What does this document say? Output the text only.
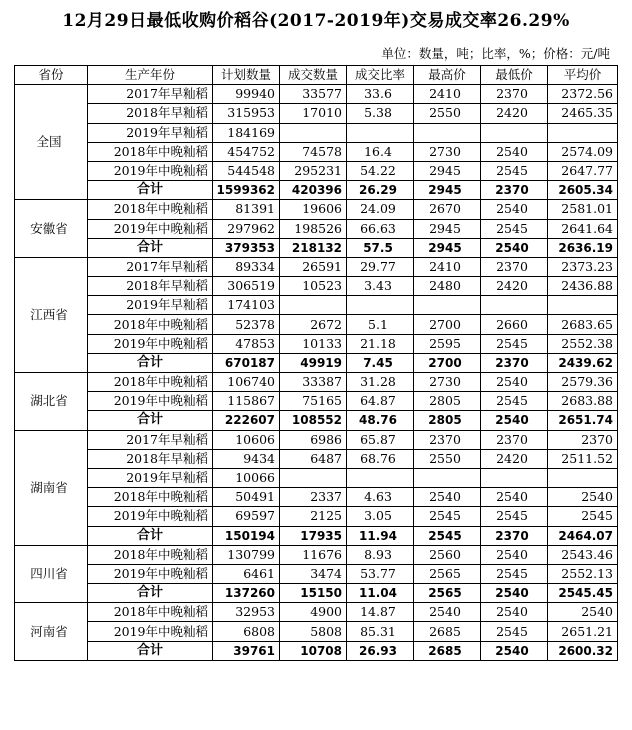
12月29日最低收购价稻谷(2017-2019年)交易成交率26.29%
单位：数量，吨；比率，%；价格：元/吨
省份	生产年份	计划数量	成交数量	成交比率	最高价	最低价	平均价
全国	2017年早籼稻	99940	33577	33.6	2410	2370	2372.56
	2018年早籼稻	315953	17010	5.38	2550	2420	2465.35
	2019年早籼稻	184169					
	2018年中晚籼稻	454752	74578	16.4	2730	2540	2574.09
	2019年中晚籼稻	544548	295231	54.22	2945	2545	2647.77
	合计	1599362	420396	26.29	2945	2370	2605.34
安徽省	2018年中晚籼稻	81391	19606	24.09	2670	2540	2581.01
	2019年中晚籼稻	297962	198526	66.63	2945	2545	2641.64
	合计	379353	218132	57.5	2945	2540	2636.19
江西省	2017年早籼稻	89334	26591	29.77	2410	2370	2373.23
	2018年早籼稻	306519	10523	3.43	2480	2420	2436.88
	2019年早籼稻	174103					
	2018年中晚籼稻	52378	2672	5.1	2700	2660	2683.65
	2019年中晚籼稻	47853	10133	21.18	2595	2545	2552.38
	合计	670187	49919	7.45	2700	2370	2439.62
湖北省	2018年中晚籼稻	106740	33387	31.28	2730	2540	2579.36
	2019年中晚籼稻	115867	75165	64.87	2805	2545	2683.88
	合计	222607	108552	48.76	2805	2540	2651.74
湖南省	2017年早籼稻	10606	6986	65.87	2370	2370	2370
	2018年早籼稻	9434	6487	68.76	2550	2420	2511.52
	2019年早籼稻	10066					
	2018年中晚籼稻	50491	2337	4.63	2540	2540	2540
	2019年中晚籼稻	69597	2125	3.05	2545	2545	2545
	合计	150194	17935	11.94	2545	2370	2464.07
四川省	2018年中晚籼稻	130799	11676	8.93	2560	2540	2543.46
	2019年中晚籼稻	6461	3474	53.77	2565	2545	2552.13
	合计	137260	15150	11.04	2565	2540	2545.45
河南省	2018年中晚籼稻	32953	4900	14.87	2540	2540	2540
	2019年中晚籼稻	6808	5808	85.31	2685	2545	2651.21
	合计	39761	10708	26.93	2685	2540	2600.32
